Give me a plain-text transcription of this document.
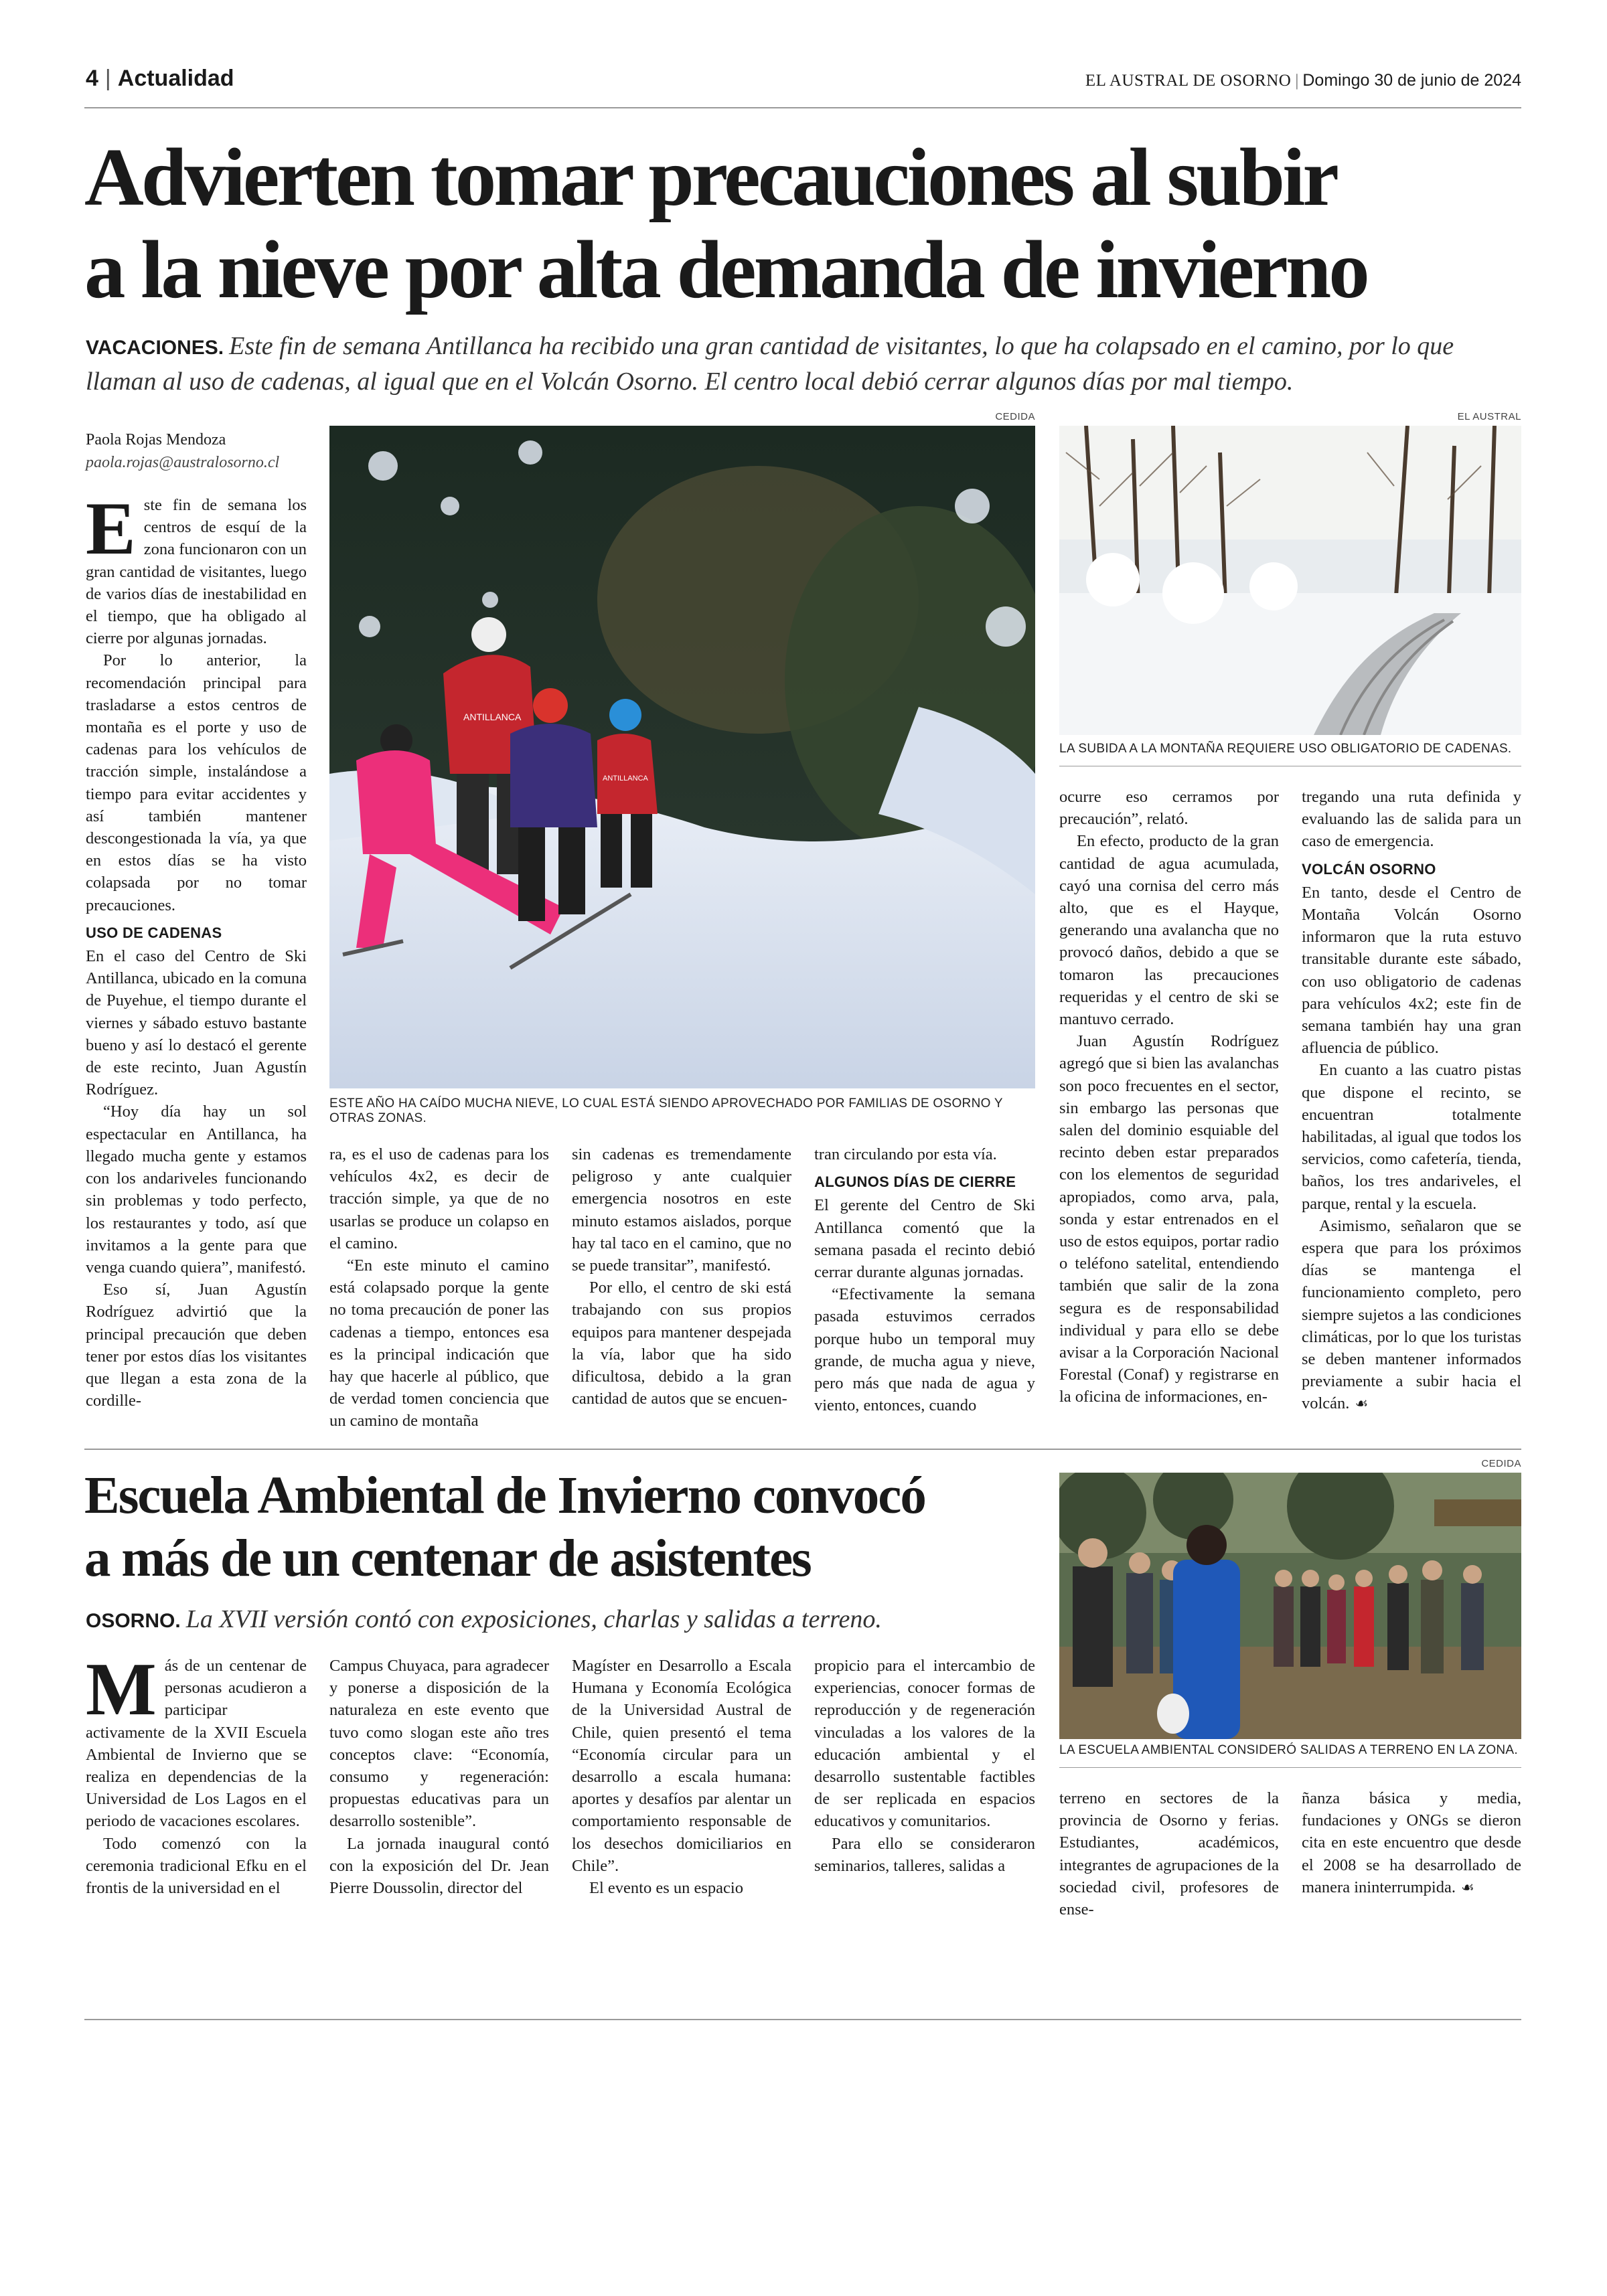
4 | Actualidad	EL AUSTRAL DE OSORNO | Domingo 30 de junio de 2024
Advierten tomar precauciones al subir
a la nieve por alta demanda de invierno
VACACIONES. Este fin de semana Antillanca ha recibido una gran cantidad de visitantes, lo que ha colapsado en el camino, por lo que llaman al uso de cadenas, al igual que en el Volcán Osorno. El centro local debió cerrar algunos días por mal tiempo.
Paola Rojas Mendoza
paola.rojas@australosorno.cl

Este fin de semana los centros de esquí de la zona funcionaron con un gran cantidad de visitantes, luego de varios días de inestabilidad en el tiempo, que ha obligado al cierre por algunas jornadas.

Por lo anterior, la recomendación principal para trasladarse a estos centros de montaña es el porte y uso de cadenas para los vehículos de tracción simple, instalándose a tiempo para evitar accidentes y así también mantener descongestionada la vía, ya que en estos días se ha visto colapsada por no tomar precauciones.

USO DE CADENAS

En el caso del Centro de Ski Antillanca, ubicado en la comuna de Puyehue, el tiempo durante el viernes y sábado estuvo bastante bueno y así lo destacó el gerente de este recinto, Juan Agustín Rodríguez.

“Hoy día hay un sol espectacular en Antillanca, ha llegado mucha gente y estamos con los andariveles funcionando sin problemas y todo perfecto, los restaurantes y todo, así que invitamos a la gente para que venga cuando quiera”, manifestó.

Eso sí, Juan Agustín Rodríguez advirtió que la principal precaución que deben tener por estos días los visitantes que llegan a esta zona de la cordille-

CEDIDA
ANTILLANCA
ANTILLANCA
ESTE AÑO HA CAÍDO MUCHA NIEVE, LO CUAL ESTÁ SIENDO APROVECHADO POR FAMILIAS DE OSORNO Y OTRAS ZONAS.
EL AUSTRAL
LA SUBIDA A LA MONTAÑA REQUIERE USO OBLIGATORIO DE CADENAS.

ra, es el uso de cadenas para los vehículos 4x2, es decir de tracción simple, ya que de no usarlas se produce un colapso en el camino.

“En este minuto el camino está colapsado porque la gente no toma precaución de poner las cadenas a tiempo, entonces esa es la principal indicación que hay que hacerle al público, que de verdad tomen conciencia que un camino de montaña

sin cadenas es tremendamente peligroso y ante cualquier emergencia nosotros en este minuto estamos aislados, porque hay tal taco en el camino, que no se puede transitar”, manifestó.

Por ello, el centro de ski está trabajando con sus propios equipos para mantener despejada la vía, labor que ha sido dificultosa, debido a la gran cantidad de autos que se encuen-

tran circulando por esta vía.

ALGUNOS DÍAS DE CIERRE

El gerente del Centro de Ski Antillanca comentó que la semana pasada el recinto debió cerrar durante algunas jornadas.

“Efectivamente la semana pasada estuvimos cerrados porque hubo un temporal muy grande, de mucha agua y nieve, pero más que nada de agua y viento, entonces, cuando

ocurre eso cerramos por precaución”, relató.

En efecto, producto de la gran cantidad de agua acumulada, cayó una cornisa del cerro más alto, que es el Hayque, generando una avalancha que no provocó daños, debido a que se tomaron las precauciones requeridas y el centro de ski se mantuvo cerrado.

Juan Agustín Rodríguez agregó que si bien las avalanchas son poco frecuentes en el sector, sin embargo las personas que salen del dominio esquiable del recinto deben estar preparados con los elementos de seguridad apropiados, como arva, pala, sonda y estar entrenados en el uso de estos equipos, portar radio o teléfono satelital, entendiendo también que salir de la zona segura es de responsabilidad individual y para ello se debe avisar a la Corporación Nacional Forestal (Conaf) y registrarse en la oficina de informaciones, en-

tregando una ruta definida y evaluando las de salida para un caso de emergencia.

VOLCÁN OSORNO

En tanto, desde el Centro de Montaña Volcán Osorno informaron que la ruta estuvo transitable durante este sábado, con uso obligatorio de cadenas para vehículos 4x2; este fin de semana también hay una gran afluencia de público.

En cuanto a las cuatro pistas que dispone el recinto, se encuentran totalmente habilitadas, al igual que todos los servicios, como cafetería, tienda, baños, los tres andariveles, el parque, rental y la escuela.

Asimismo, señalaron que se espera que para los próximos días se mantenga el funcionamiento completo, pero siempre sujetos a las condiciones climáticas, por lo que los turistas se deben mantener informados previamente a subir hacia el volcán. ☙

Escuela Ambiental de Invierno convocó
a más de un centenar de asistentes
OSORNO. La XVII versión contó con exposiciones, charlas y salidas a terreno.
CEDIDA
LA ESCUELA AMBIENTAL CONSIDERÓ SALIDAS A TERRENO EN LA ZONA.

Más de un centenar de personas acudieron a participar activamente de la XVII Escuela Ambiental de Invierno que se realiza en dependencias de la Universidad de Los Lagos en el periodo de vacaciones escolares.

Todo comenzó con la ceremonia tradicional Efku en el frontis de la universidad en el

Campus Chuyaca, para agradecer y ponerse a disposición de la naturaleza en este evento que tuvo como slogan este año tres conceptos clave: “Economía, consumo y regeneración: propuestas educativas para un desarrollo sostenible”.

La jornada inaugural contó con la exposición del Dr. Jean Pierre Doussolin, director del

Magíster en Desarrollo a Escala Humana y Economía Ecológica de la Universidad Austral de Chile, quien presentó el tema “Economía circular para un desarrollo a escala humana: aportes y desafíos par alentar un comportamiento responsable de los desechos domiciliarios en Chile”.

El evento es un espacio

propicio para el intercambio de experiencias, conocer formas de reproducción y de regeneración vinculadas a los valores de la educación ambiental y el desarrollo sustentable factibles de ser replicada en espacios educativos y comunitarios.

Para ello se consideraron seminarios, talleres, salidas a

terreno en sectores de la provincia de Osorno y ferias. Estudiantes, académicos, integrantes de agrupaciones de la sociedad civil, profesores de ense-

ñanza básica y media, fundaciones y ONGs se dieron cita en este encuentro que desde el 2008 se ha desarrollado de manera ininterrumpida. ☙
